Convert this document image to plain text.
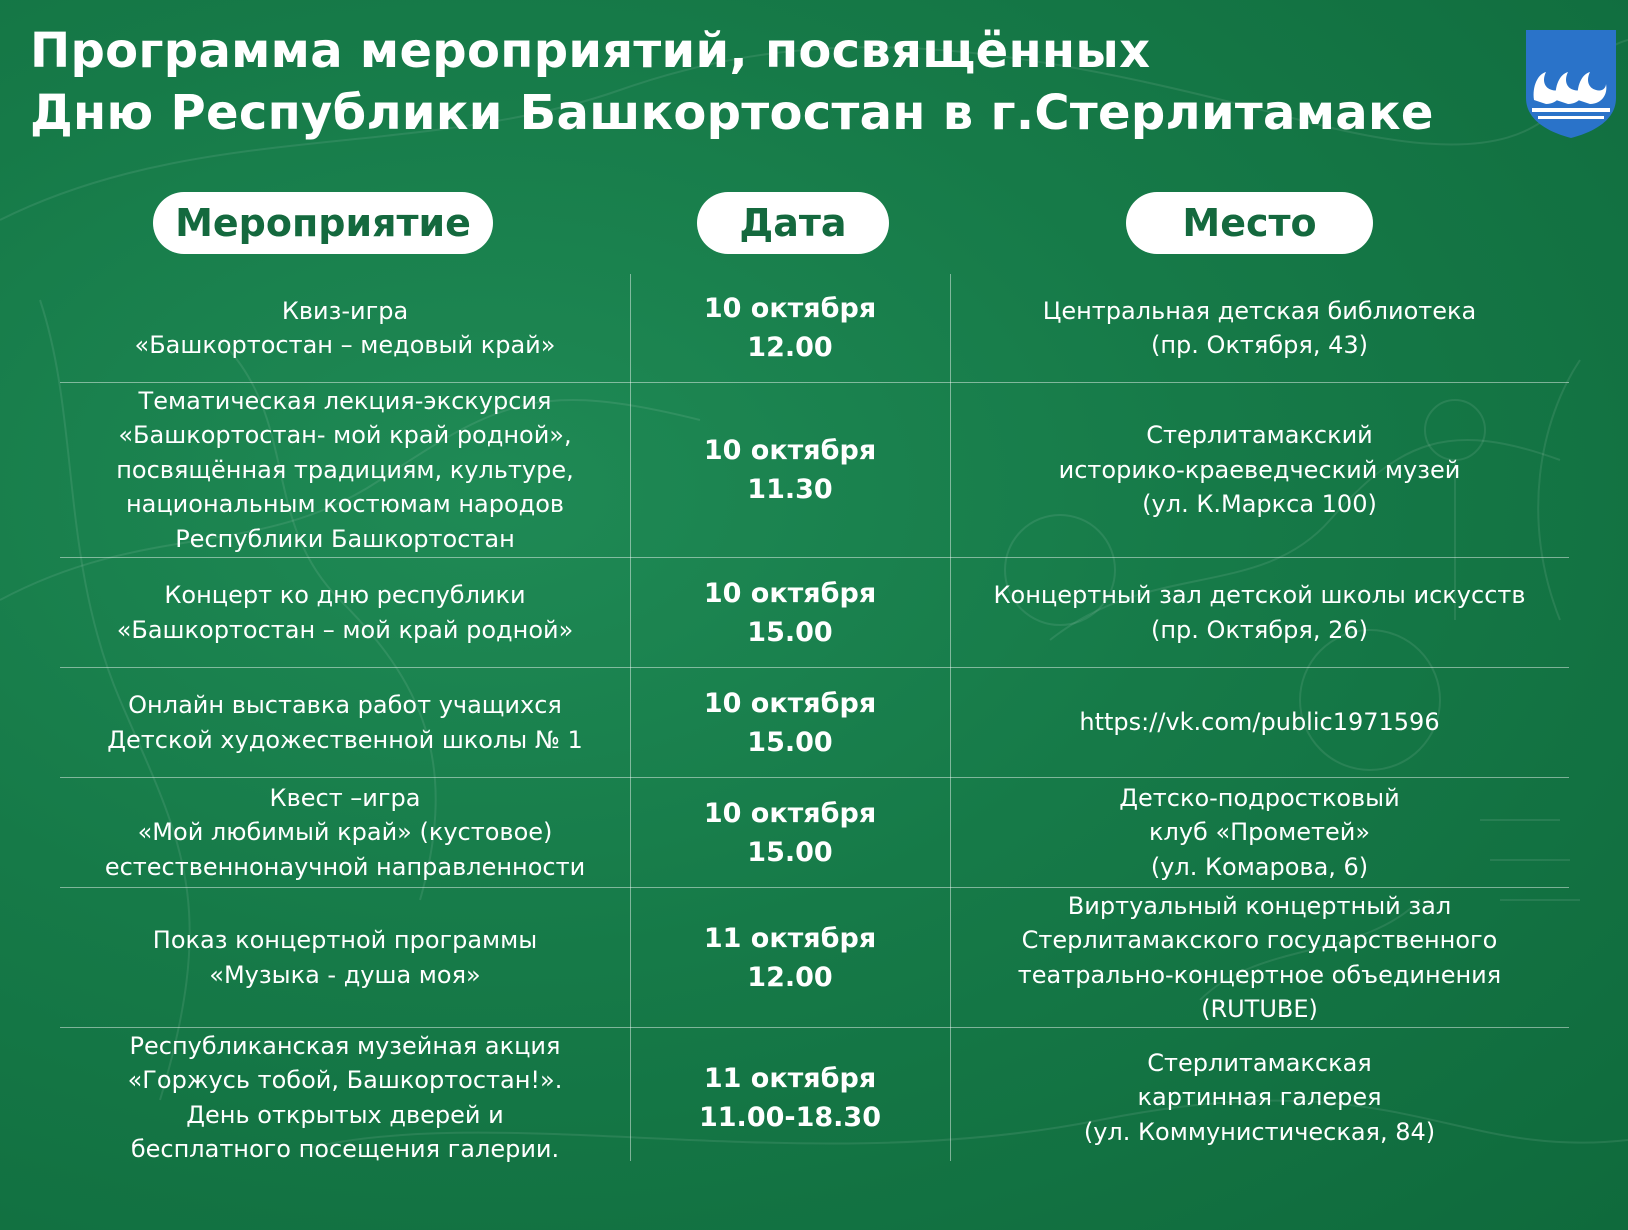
Программа мероприятий, посвящённых
Дню Республики Башкортостан в г.Стерлитамаке
Мероприятие	Дата	Место
Квиз-игра
«Башкортостан – медовый край»
10 октября
12.00
Центральная детская библиотека
(пр. Октября, 43)
Тематическая лекция-экскурсия
«Башкортостан- мой край родной»,
посвящённая традициям, культуре,
национальным костюмам народов
Республики Башкортостан
10 октября
11.30
Стерлитамакский
историко-краеведческий музей
(ул. К.Маркса 100)
Концерт ко дню республики
«Башкортостан – мой край родной»
10 октября
15.00
Концертный зал детской школы искусств
(пр. Октября, 26)
Онлайн выставка работ учащихся
Детской художественной школы № 1
10 октября
15.00
https://vk.com/public1971596
Квест –игра
«Мой любимый край» (кустовое)
естественнонаучной направленности
10 октября
15.00
Детско-подростковый
клуб «Прометей»
(ул. Комарова, 6)
Показ концертной программы
«Музыка - душа моя»
11 октября
12.00
Виртуальный концертный зал
Стерлитамакского государственного
театрально-концертное объединения
(RUTUBE)
Республиканская музейная акция
«Горжусь тобой, Башкортостан!».
День открытых дверей и
бесплатного посещения галерии.
11 октября
11.00-18.30
Стерлитамакская
картинная галерея
(ул. Коммунистическая, 84)
